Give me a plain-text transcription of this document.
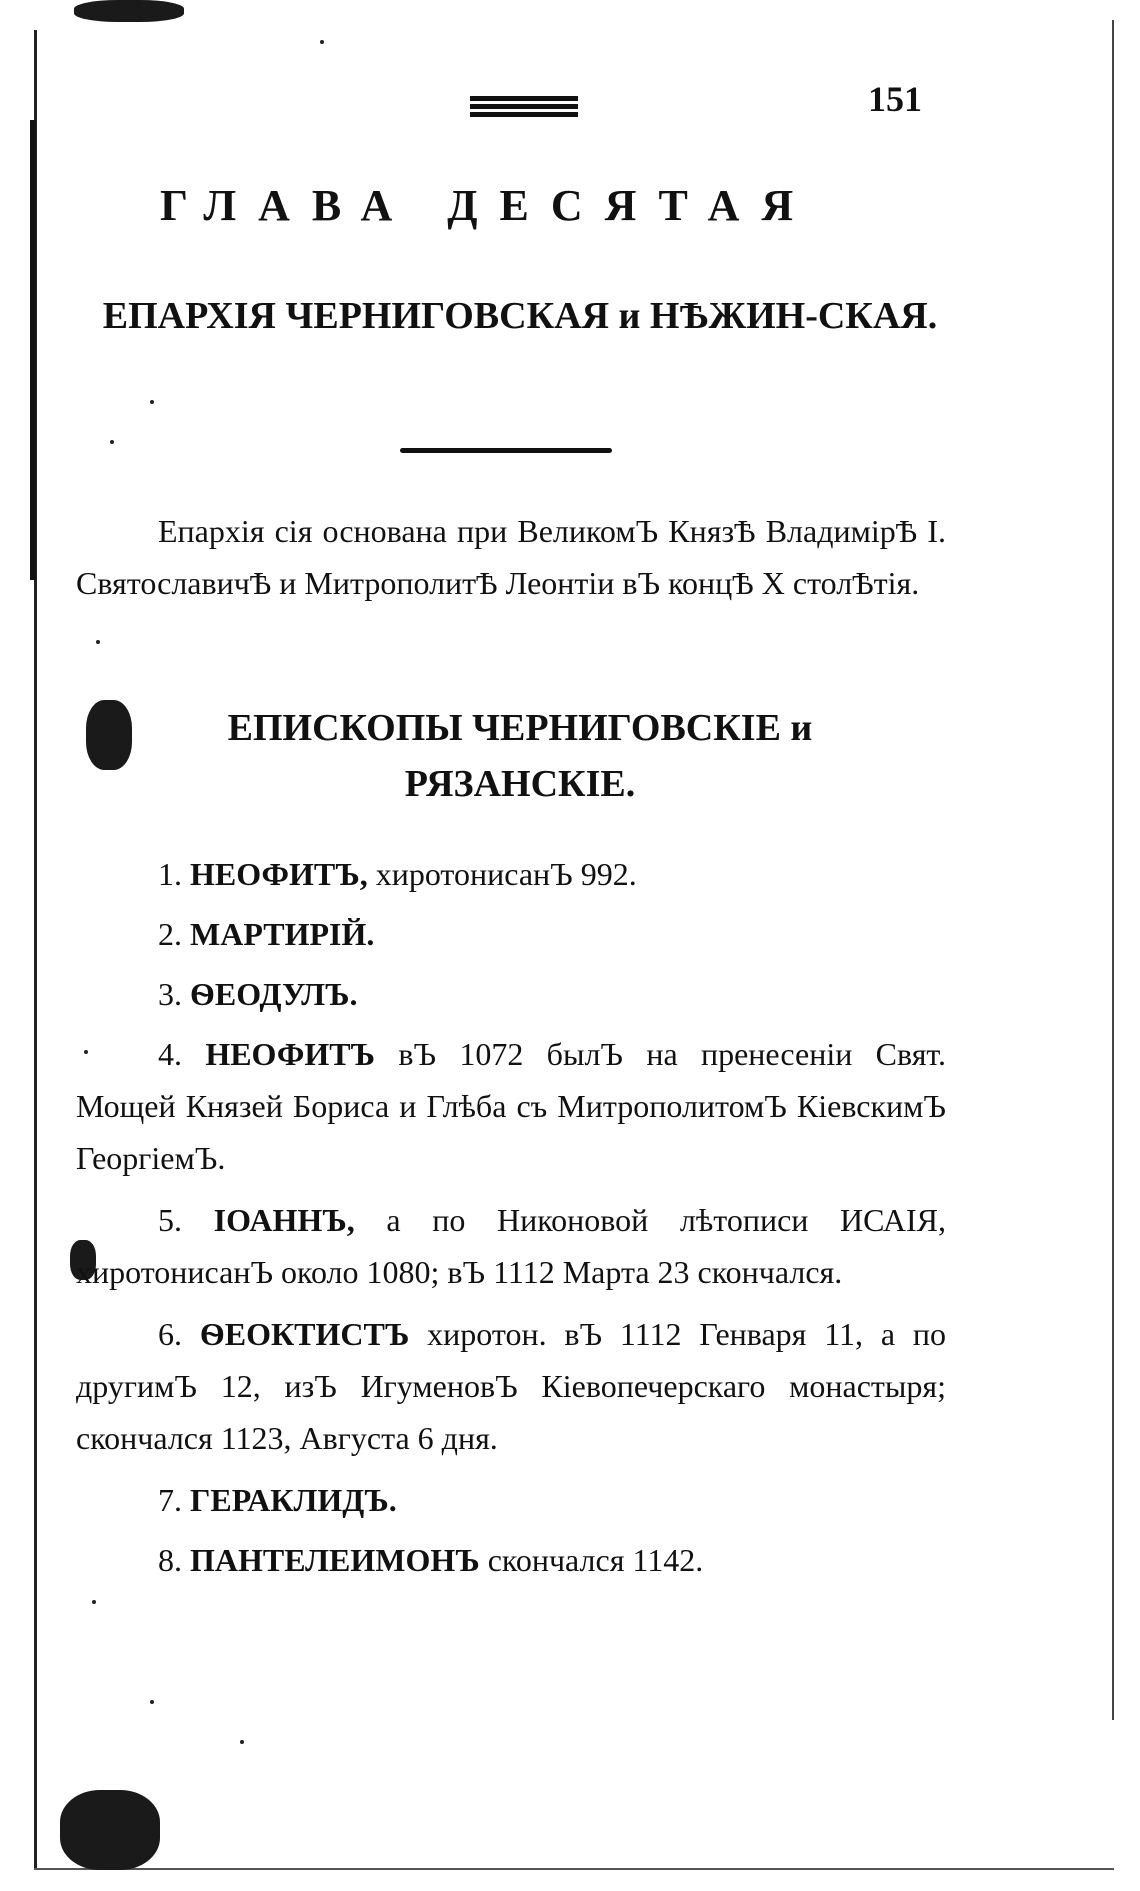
151
ГЛАВА ДЕСЯТАЯ
ЕПАРХІЯ ЧЕРНИГОВСКАЯ и НѢЖИН-СКАЯ.

Епархія сія основана при ВеликомЪ КнязѢ ВладимірѢ I. СвятославичѢ и МитрополитѢ Леонтіи вЪ концѢ X столѢтія.

ЕПИСКОПЫ ЧЕРНИГОВСКІЕ и РЯЗАНСКІЕ.
1. НЕОФИТЪ, хиротонисанЪ 992.
2. МАРТИРІЙ.
3. ѲЕОДУЛЪ.
4. НЕОФИТЪ вЪ 1072 былЪ на пренесеніи Свят. Мощей Князей Бориса и Глѣба съ МитрополитомЪ КіевскимЪ ГеоргіемЪ.
5. ІОАННЪ, а по Никоновой лѣтописи ИСАІЯ, хиротонисанЪ около 1080; вЪ 1112 Марта 23 скончался.
6. ѲЕОКТИСТЪ хиротон. вЪ 1112 Генваря 11, а по другимЪ 12, изЪ ИгуменовЪ Кіевопечерскаго монастыря; скончался 1123, Августа 6 дня.
7. ГЕРАКЛИДЪ.
8. ПАНТЕЛЕИМОНЪ скончался 1142.
